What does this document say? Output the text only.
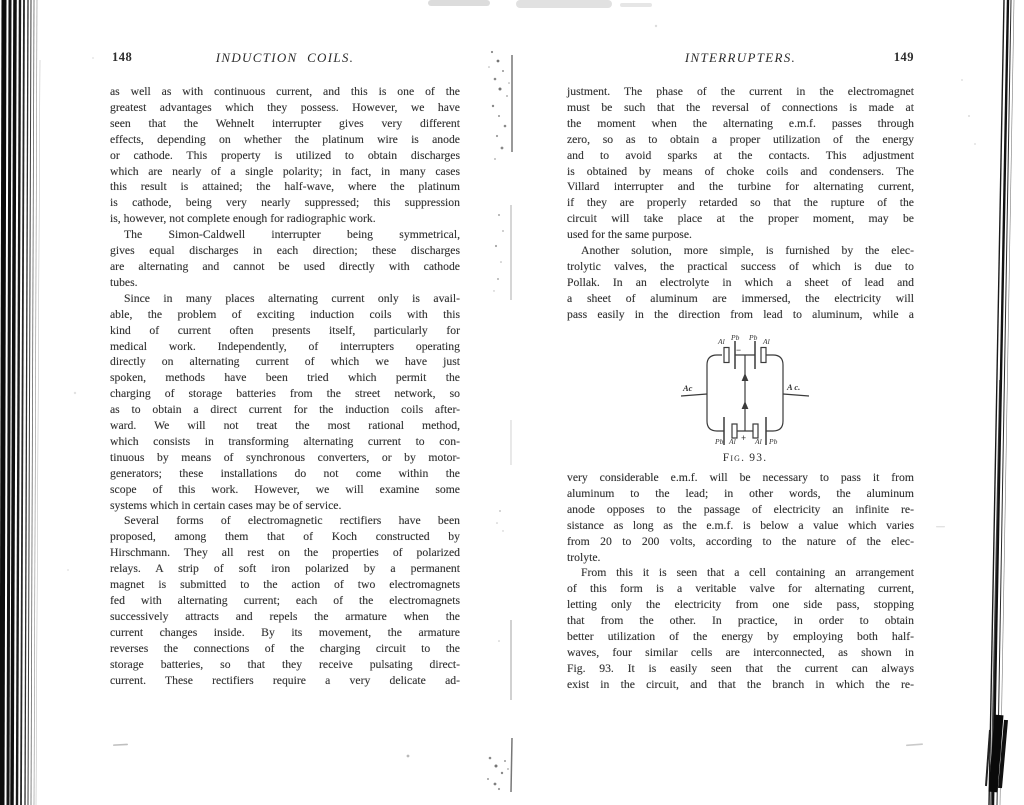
148	INDUCTION COILS.
as well as with continuous current, and this is one of the
greatest advantages which they possess. However, we have
seen that the Wehnelt interrupter gives very different
effects, depending on whether the platinum wire is anode
or cathode. This property is utilized to obtain discharges
which are nearly of a single polarity; in fact, in many cases
this result is attained; the half-wave, where the platinum
is cathode, being very nearly suppressed; this suppression
is, however, not complete enough for radiographic work.
The Simon-Caldwell interrupter being symmetrical,
gives equal discharges in each direction; these discharges
are alternating and cannot be used directly with cathode
tubes.
Since in many places alternating current only is avail-
able, the problem of exciting induction coils with this
kind of current often presents itself, particularly for
medical work. Independently, of interrupters operating
directly on alternating current of which we have just
spoken, methods have been tried which permit the
charging of storage batteries from the street network, so
as to obtain a direct current for the induction coils after-
ward. We will not treat the most rational method,
which consists in transforming alternating current to con-
tinuous by means of synchronous converters, or by motor-
generators; these installations do not come within the
scope of this work. However, we will examine some
systems which in certain cases may be of service.
Several forms of electromagnetic rectifiers have been
proposed, among them that of Koch constructed by
Hirschmann. They all rest on the properties of polarized
relays. A strip of soft iron polarized by a permanent
magnet is submitted to the action of two electromagnets
fed with alternating current; each of the electromagnets
successively attracts and repels the armature when the
current changes inside. By its movement, the armature
reverses the connections of the charging circuit to the
storage batteries, so that they receive pulsating direct-
current. These rectifiers require a very delicate ad-
INTERRUPTERS.	149
justment. The phase of the current in the electromagnet
must be such that the reversal of connections is made at
the moment when the alternating e.m.f. passes through
zero, so as to obtain a proper utilization of the energy
and to avoid sparks at the contacts. This adjustment
is obtained by means of choke coils and condensers. The
Villard interrupter and the turbine for alternating current,
if they are properly retarded so that the rupture of the
circuit will take place at the proper moment, may be
used for the same purpose.
Another solution, more simple, is furnished by the elec-
trolytic valves, the practical success of which is due to
Pollak. In an electrolyte in which a sheet of lead and
a sheet of aluminum are immersed, the electricity will
pass easily in the direction from lead to aluminum, while a
Al Pb Pb Al
Pb Al	Al Pb
Ac	A c.
−
+
Fig. 93.
very considerable e.m.f. will be necessary to pass it from
aluminum to the lead; in other words, the aluminum
anode opposes to the passage of electricity an infinite re-
sistance as long as the e.m.f. is below a value which varies
from 20 to 200 volts, according to the nature of the elec-
trolyte.
From this it is seen that a cell containing an arrangement
of this form is a veritable valve for alternating current,
letting only the electricity from one side pass, stopping
that from the other. In practice, in order to obtain
better utilization of the energy by employing both half-
waves, four similar cells are interconnected, as shown in
Fig. 93. It is easily seen that the current can always
exist in the circuit, and that the branch in which the re-
